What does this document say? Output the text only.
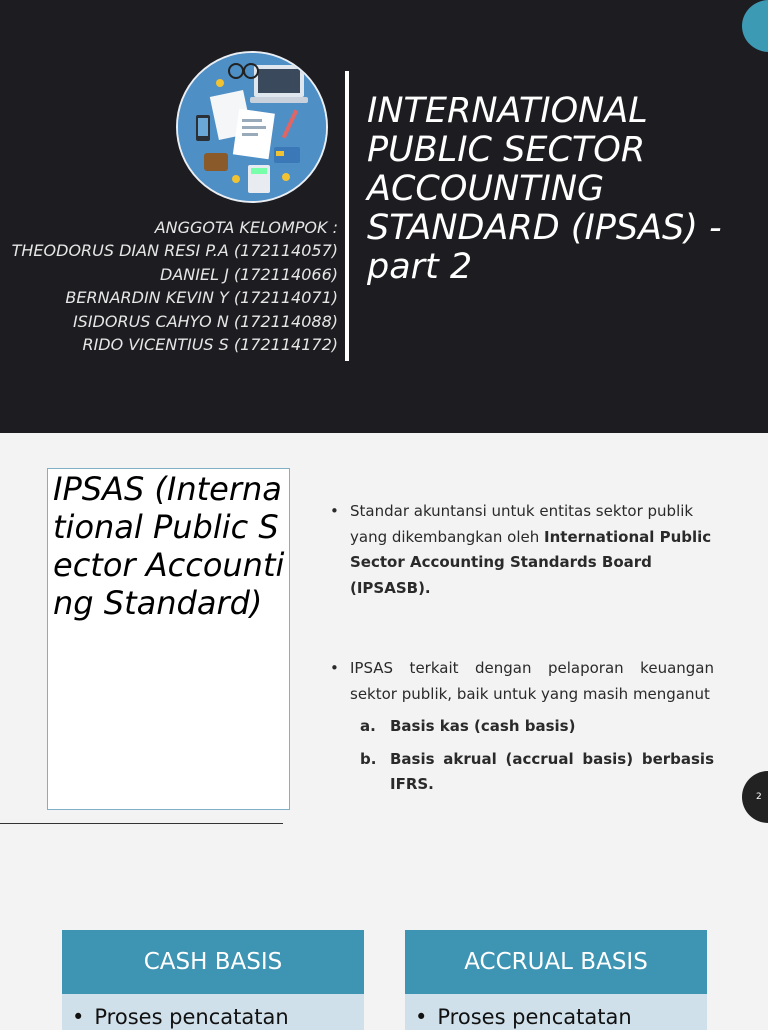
ANGGOTA KELOMPOK :
THEODORUS DIAN RESI P.A (172114057)
DANIEL J (172114066)
BERNARDIN KEVIN Y (172114071)
ISIDORUS CAHYO N (172114088)
RIDO VICENTIUS S (172114172)
INTERNATIONAL PUBLIC SECTOR ACCOUNTING STANDARD (IPSAS) - part 2
IPSAS (International Public Sector Accounting Standard)
• Standar akuntansi untuk entitas sektor publik yang dikembangkan oleh International Public Sector Accounting Standards Board (IPSASB).
• IPSAS terkait dengan pelaporan keuangan sektor publik, baik untuk yang masih menganut
a. Basis kas (cash basis)
b. Basis akrual (accrual basis) berbasis IFRS.
2
CASH BASIS
• Proses pencatatan
ACCRUAL BASIS
• Proses pencatatan
